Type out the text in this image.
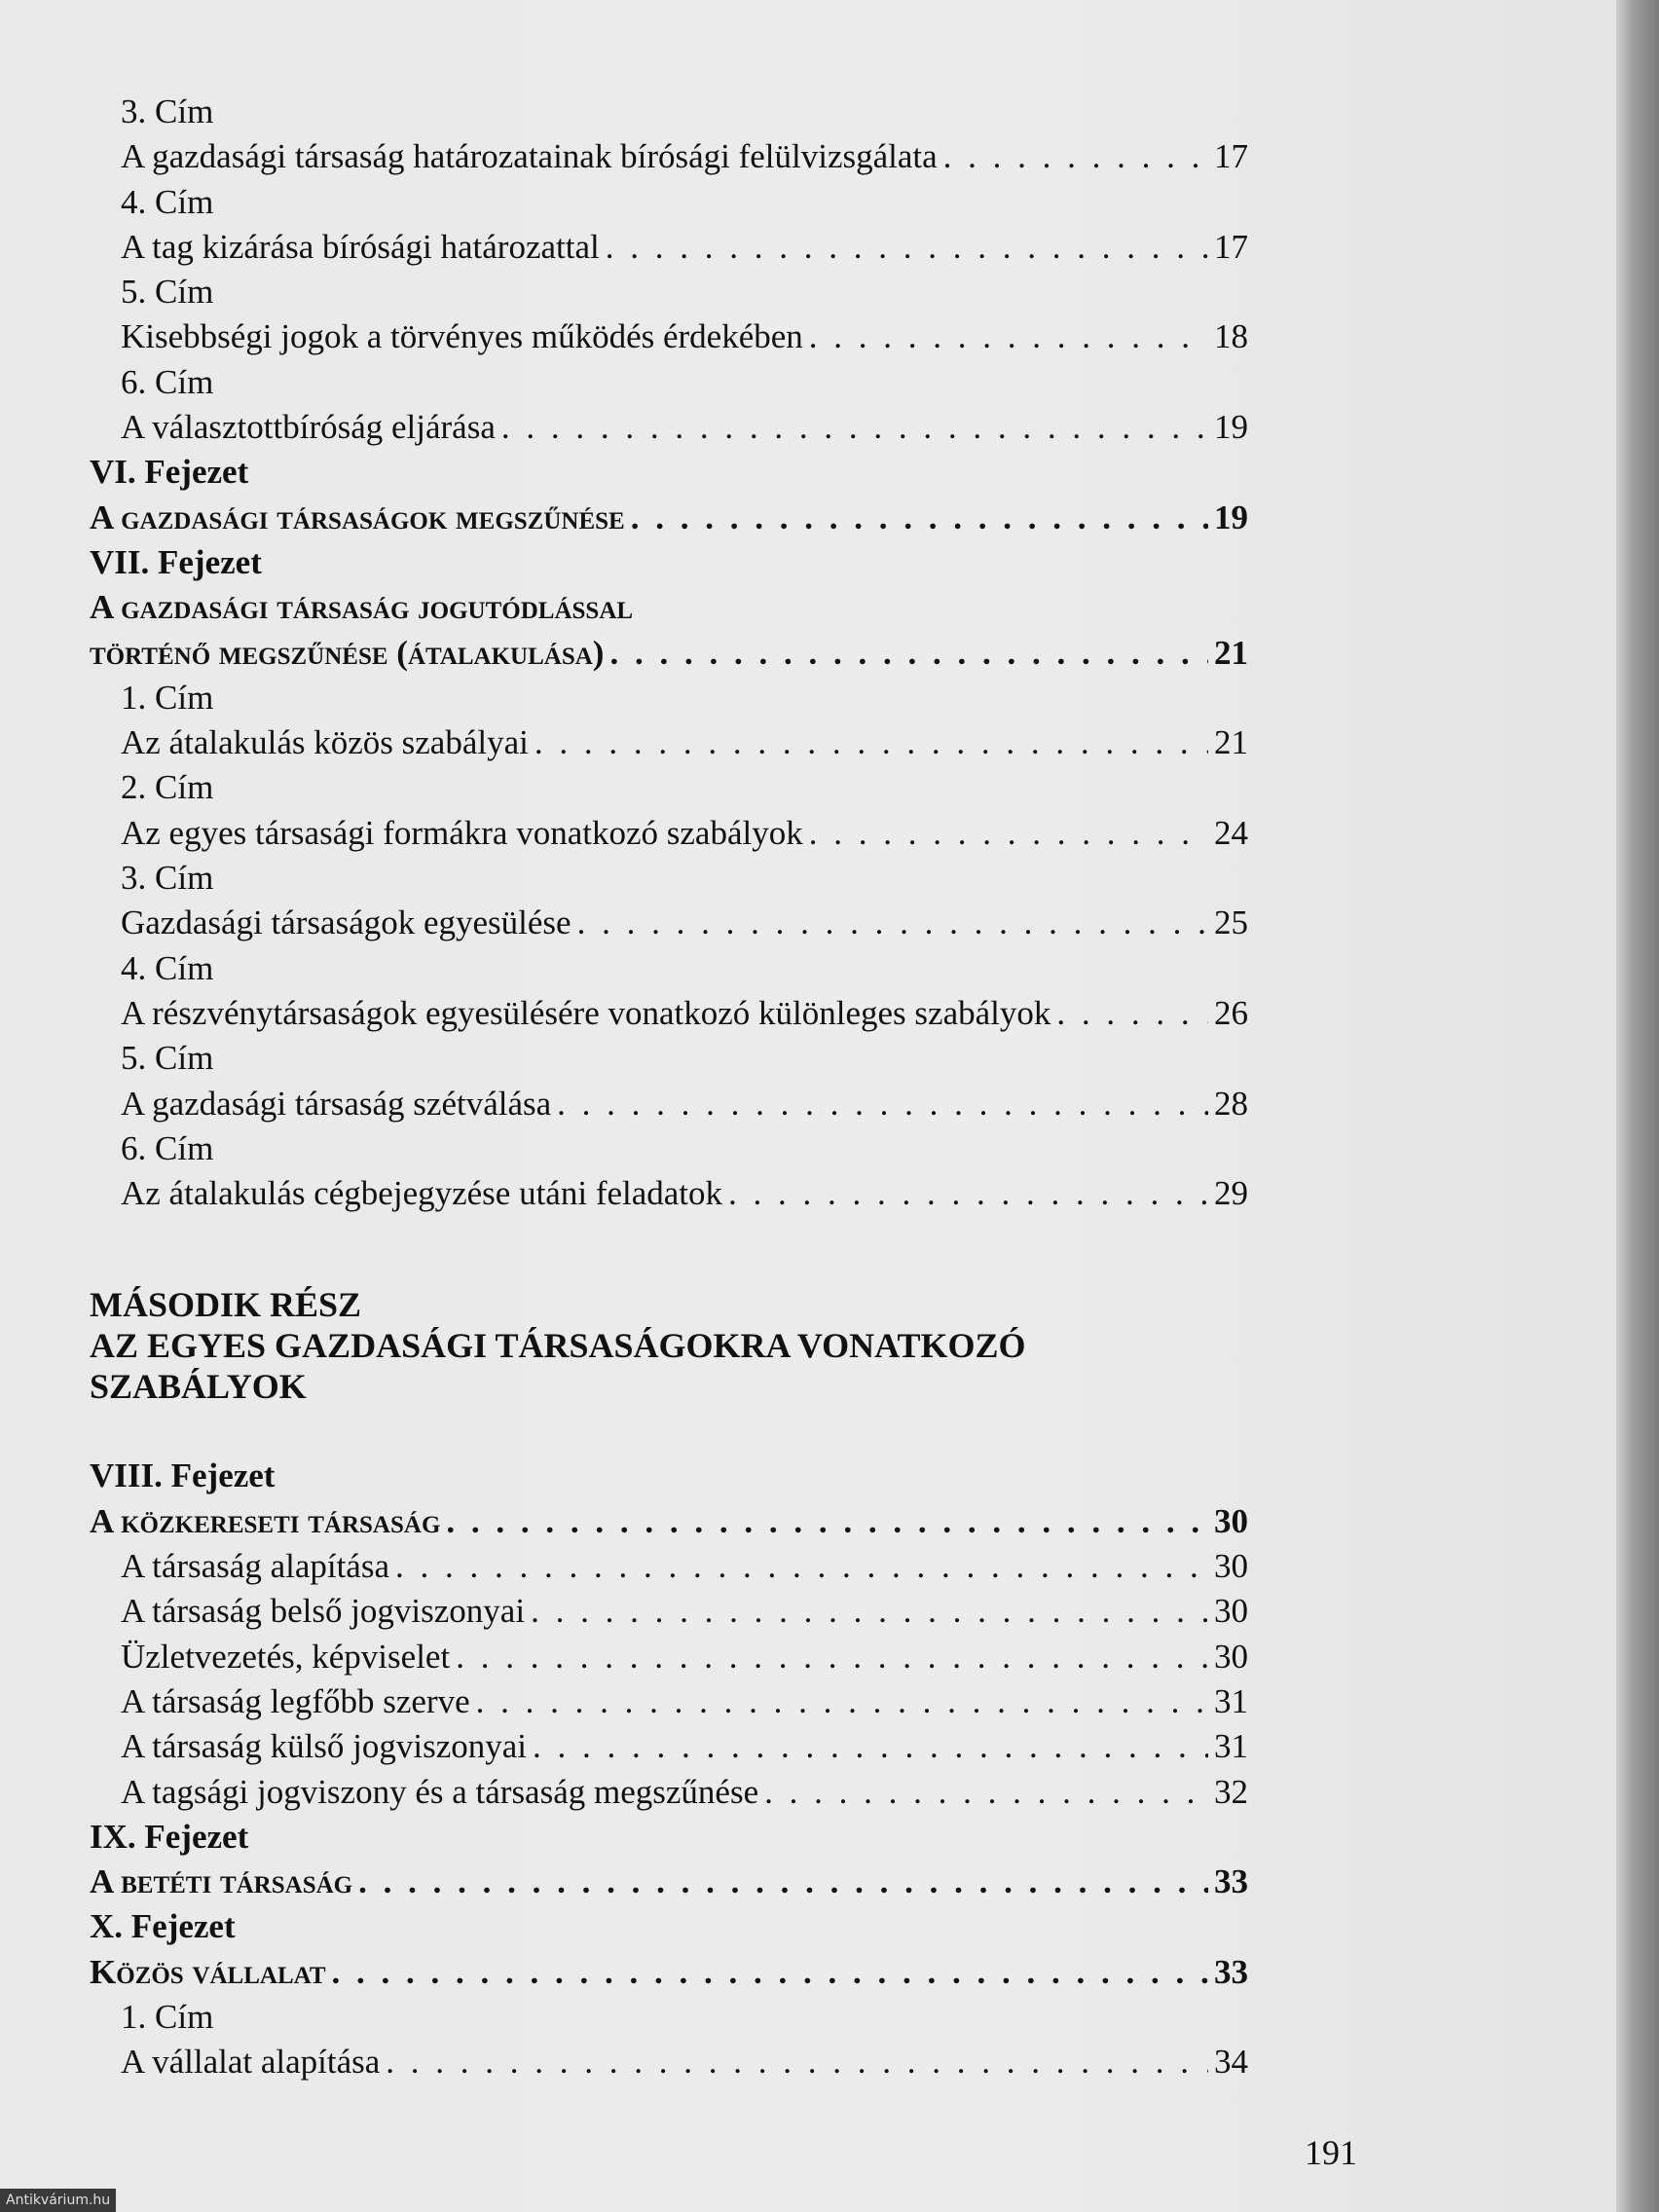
3. Cím
A gazdasági társaság határozatainak bírósági felülvizsgálata . . .	17
4. Cím
A tag kizárása bírósági határozattal . . .	17
5. Cím
Kisebbségi jogok a törvényes működés érdekében . . .	18
6. Cím
A választottbíróság eljárása . . .	19
VI. Fejezet
A gazdasági társaságok megszűnése . . .	19
VII. Fejezet
A gazdasági társaság jogutódlással
történő megszűnése (átalakulása) . . .	21
1. Cím
Az átalakulás közös szabályai . . .	21
2. Cím
Az egyes társasági formákra vonatkozó szabályok . . .	24
3. Cím
Gazdasági társaságok egyesülése . . .	25
4. Cím
A részvénytársaságok egyesülésére vonatkozó különleges szabályok . . .	26
5. Cím
A gazdasági társaság szétválása . . .	28
6. Cím
Az átalakulás cégbejegyzése utáni feladatok . . .	29
MÁSODIK RÉSZ
AZ EGYES GAZDASÁGI TÁRSASÁGOKRA VONATKOZÓ SZABÁLYOK
VIII. Fejezet
A közkereseti társaság . . .	30
A társaság alapítása . . .	30
A társaság belső jogviszonyai . . .	30
Üzletvezetés, képviselet . . .	30
A társaság legfőbb szerve . . .	31
A társaság külső jogviszonyai . . .	31
A tagsági jogviszony és a társaság megszűnése . . .	32
IX. Fejezet
A betéti társaság . . .	33
X. Fejezet
Közös vállalat . . .	33
1. Cím
A vállalat alapítása . . .	34
191
Antikvárium.hu
